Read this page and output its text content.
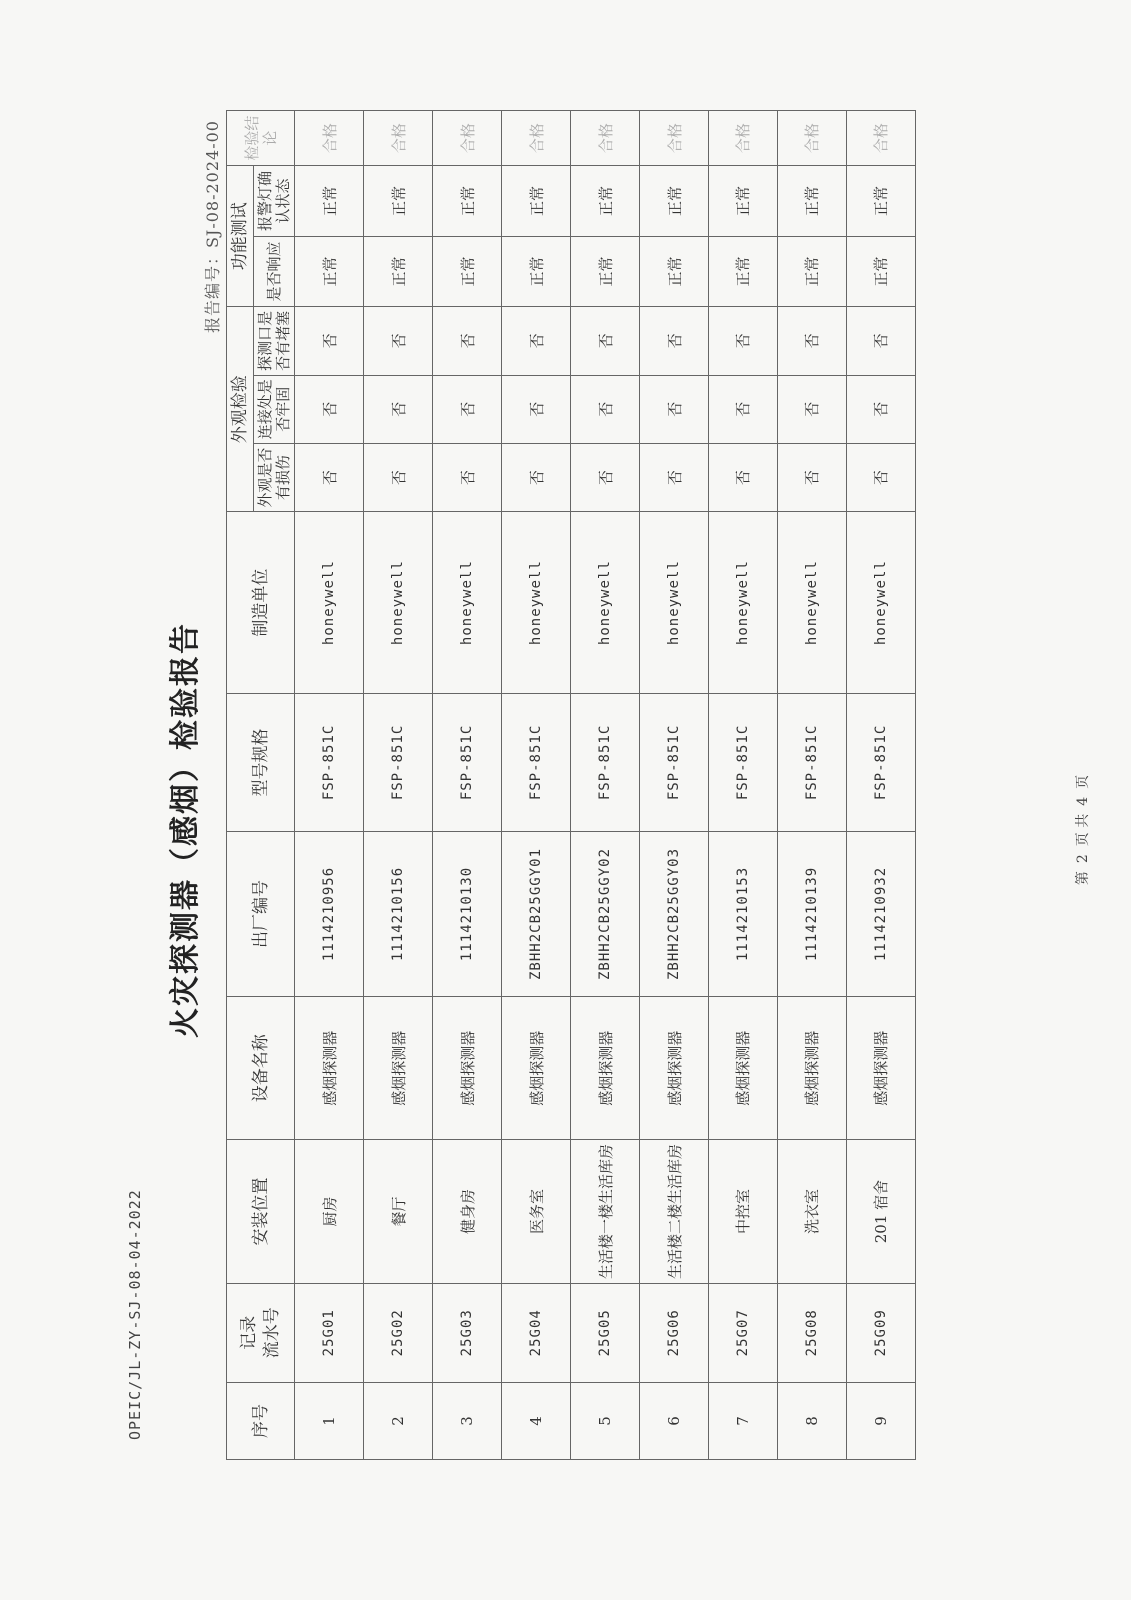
OPEIC/JL-ZY-SJ-08-04-2022
火灾探测器（感烟）检验报告
报告编号：SJ-08-2024-00
序号	记录
流水号	安装位置	设备名称	出厂编号	型号规格	制造单位	外观检验			功能测试		检验结论
							外观是否有损伤	连接处是否牢固	探测口是否有堵塞	是否响应	报警灯确认状态	
1	25G01	厨房	感烟探测器	1114210956	FSP-851C	honeywell	否	否	否	正常	正常	合格
2	25G02	餐厅	感烟探测器	1114210156	FSP-851C	honeywell	否	否	否	正常	正常	合格
3	25G03	健身房	感烟探测器	1114210130	FSP-851C	honeywell	否	否	否	正常	正常	合格
4	25G04	医务室	感烟探测器	ZBHH2CB25GGY01	FSP-851C	honeywell	否	否	否	正常	正常	合格
5	25G05	生活楼一楼生活库房	感烟探测器	ZBHH2CB25GGY02	FSP-851C	honeywell	否	否	否	正常	正常	合格
6	25G06	生活楼二楼生活库房	感烟探测器	ZBHH2CB25GGY03	FSP-851C	honeywell	否	否	否	正常	正常	合格
7	25G07	中控室	感烟探测器	1114210153	FSP-851C	honeywell	否	否	否	正常	正常	合格
8	25G08	洗衣室	感烟探测器	1114210139	FSP-851C	honeywell	否	否	否	正常	正常	合格
9	25G09	201 宿舍	感烟探测器	1114210932	FSP-851C	honeywell	否	否	否	正常	正常	合格
第2页 共4页
